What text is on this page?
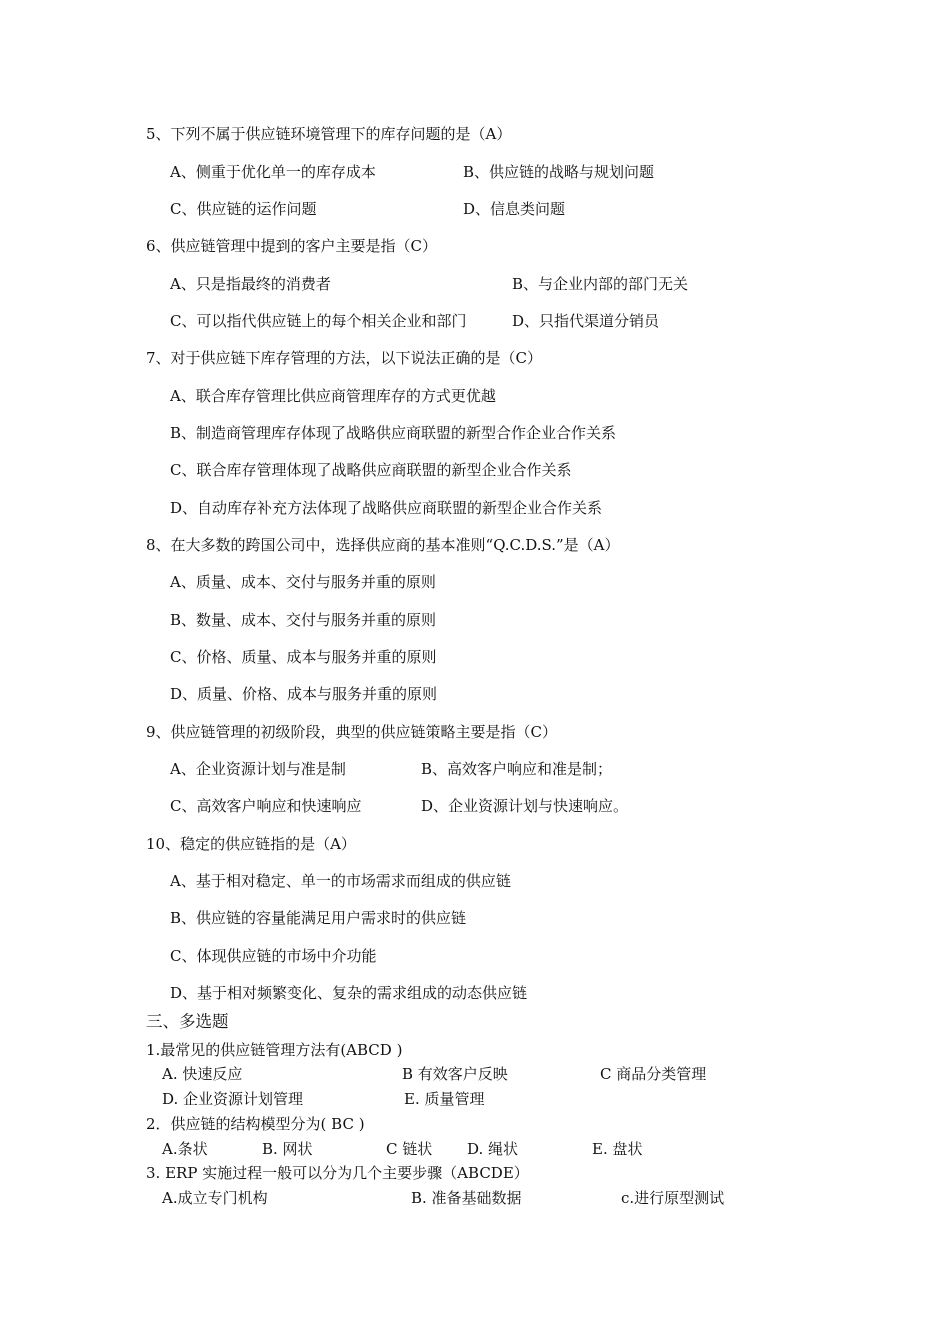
5、下列不属于供应链环境管理下的库存问题的是（A）
A、侧重于优化单一的库存成本	B、供应链的战略与规划问题
C、供应链的运作问题	D、信息类问题
6、供应链管理中提到的客户主要是指（C）
A、只是指最终的消费者	B、与企业内部的部门无关
C、可以指代供应链上的每个相关企业和部门	D、只指代渠道分销员
7、对于供应链下库存管理的方法，以下说法正确的是（C）
A、联合库存管理比供应商管理库存的方式更优越
B、制造商管理库存体现了战略供应商联盟的新型合作企业合作关系
C、联合库存管理体现了战略供应商联盟的新型企业合作关系
D、自动库存补充方法体现了战略供应商联盟的新型企业合作关系
8、在大多数的跨国公司中，选择供应商的基本准则“Q.C.D.S.”是（A）
A、质量、成本、交付与服务并重的原则
B、数量、成本、交付与服务并重的原则
C、价格、质量、成本与服务并重的原则
D、质量、价格、成本与服务并重的原则
9、供应链管理的初级阶段，典型的供应链策略主要是指（C）
A、企业资源计划与准是制	B、高效客户响应和准是制；
C、高效客户响应和快速响应	D、企业资源计划与快速响应。
10、稳定的供应链指的是（A）
A、基于相对稳定、单一的市场需求而组成的供应链
B、供应链的容量能满足用户需求时的供应链
C、体现供应链的市场中介功能
D、基于相对频繁变化、复杂的需求组成的动态供应链
三、多选题
1.最常见的供应链管理方法有(ABCD )
A. 快速反应	B 有效客户反映	C 商品分类管理
D. 企业资源计划管理	E. 质量管理
2．供应链的结构模型分为( BC )
A.条状	B. 网状	C 链状 D. 绳状	E. 盘状
3. ERP 实施过程一般可以分为几个主要步骤（ABCDE）
A.成立专门机构	B. 准备基础数据	c.进行原型测试
